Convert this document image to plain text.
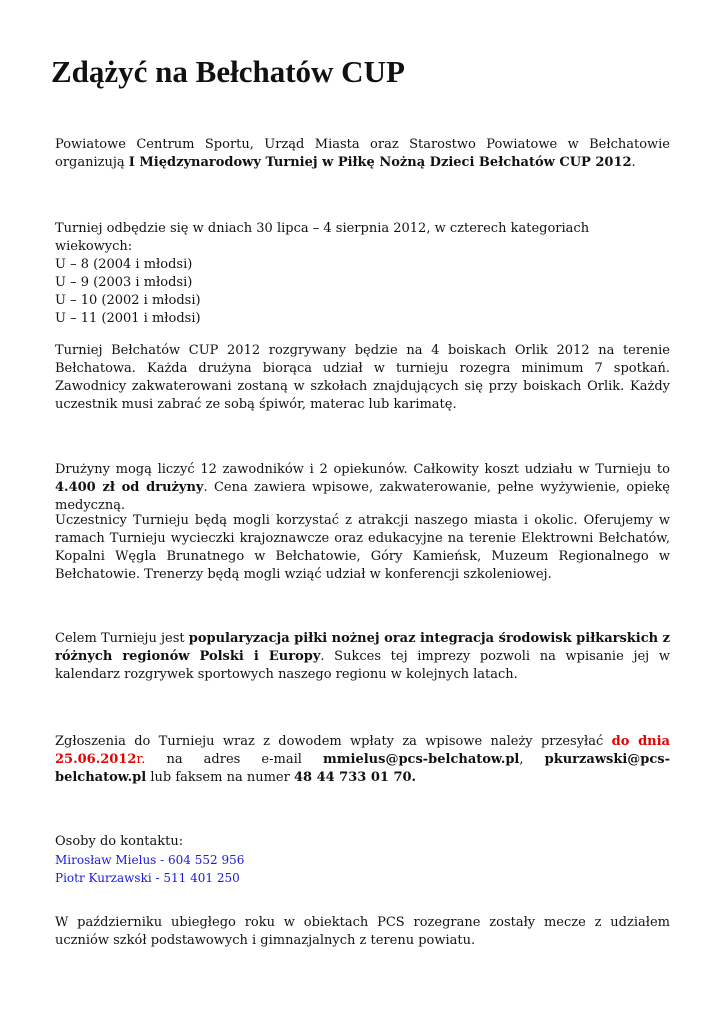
Zdążyć na Bełchatów CUP

Powiatowe Centrum Sportu, Urząd Miasta oraz Starostwo Powiatowe w Bełchatowie organizują I Międzynarodowy Turniej w Piłkę Nożną Dzieci Bełchatów CUP 2012.

Turniej odbędzie się w dniach 30 lipca – 4 sierpnia 2012, w czterech kategoriach wiekowych:
U – 8 (2004 i młodsi)
U – 9 (2003 i młodsi)
U – 10 (2002 i młodsi)
U – 11 (2001 i młodsi)

Turniej Bełchatów CUP 2012 rozgrywany będzie na 4 boiskach Orlik 2012 na terenie Bełchatowa. Każda drużyna biorąca udział w turnieju rozegra minimum 7 spotkań. Zawodnicy zakwaterowani zostaną w szkołach znajdujących się przy boiskach Orlik. Każdy uczestnik musi zabrać ze sobą śpiwór, materac lub karimatę.

Drużyny mogą liczyć 12 zawodników i 2 opiekunów. Całkowity koszt udziału w Turnieju to 4.400 zł od drużyny. Cena zawiera wpisowe, zakwaterowanie, pełne wyżywienie, opiekę medyczną.

Uczestnicy Turnieju będą mogli korzystać z atrakcji naszego miasta i okolic. Oferujemy w ramach Turnieju wycieczki krajoznawcze oraz edukacyjne na terenie Elektrowni Bełchatów, Kopalni Węgla Brunatnego w Bełchatowie, Góry Kamieńsk, Muzeum Regionalnego w Bełchatowie. Trenerzy będą mogli wziąć udział w konferencji szkoleniowej.

Celem Turnieju jest popularyzacja piłki nożnej oraz integracja środowisk piłkarskich z różnych regionów Polski i Europy. Sukces tej imprezy pozwoli na wpisanie jej w kalendarz rozgrywek sportowych naszego regionu w kolejnych latach.

Zgłoszenia do Turnieju wraz z dowodem wpłaty za wpisowe należy przesyłać do dnia 25.06.2012r. na adres e-mail mmielus@pcs-belchatow.pl, pkurzawski@pcs-belchatow.pl lub faksem na numer 48 44 733 01 70.

Osoby do kontaktu:
Mirosław Mielus - 604 552 956
Piotr Kurzawski - 511 401 250

W październiku ubiegłego roku w obiektach PCS rozegrane zostały mecze z udziałem uczniów szkół podstawowych i gimnazjalnych z terenu powiatu.
